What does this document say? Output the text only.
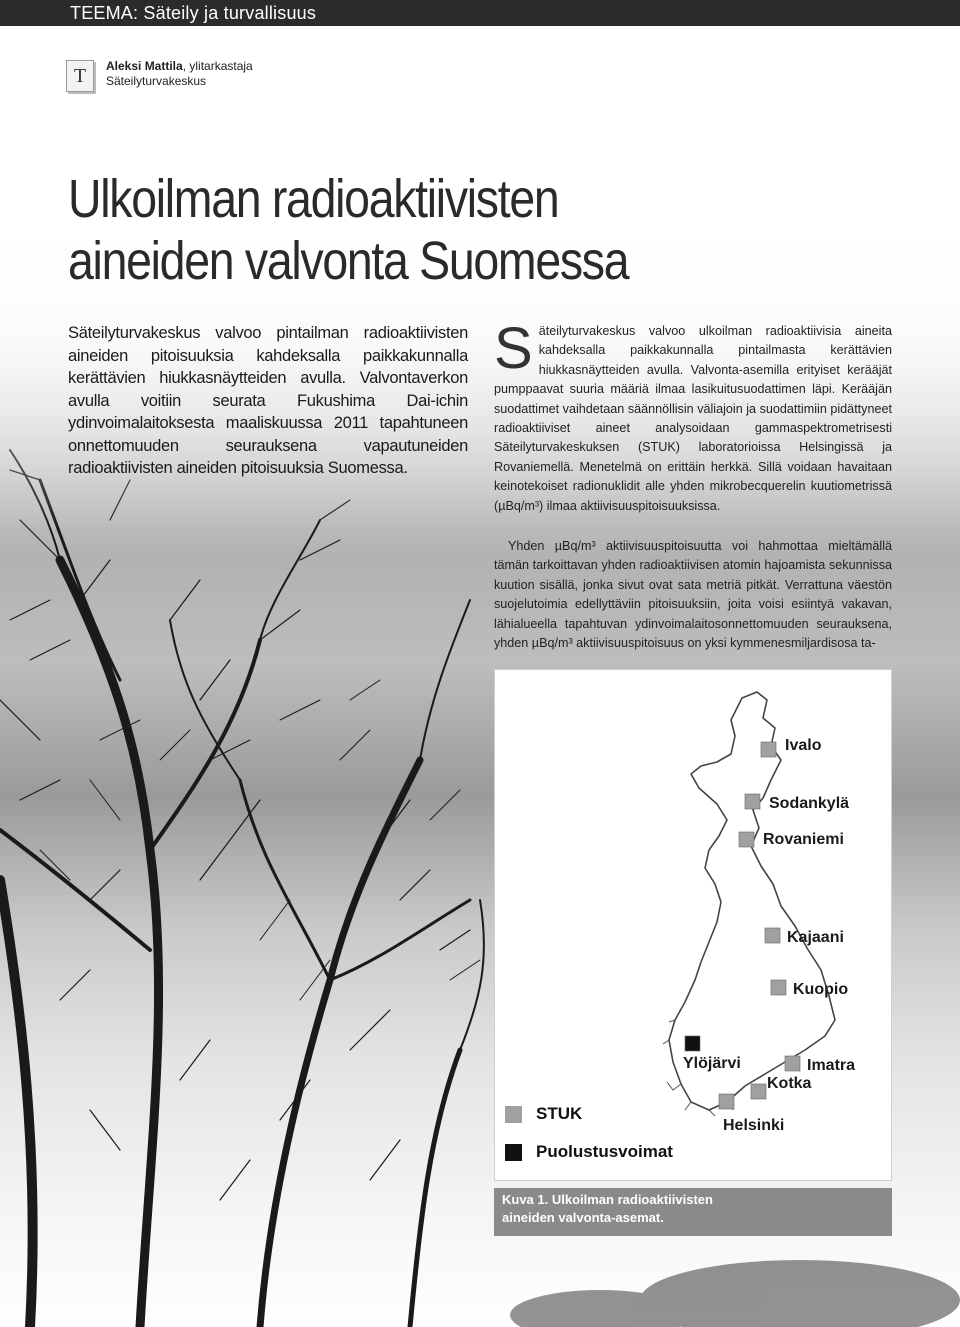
TEEMA: Säteily ja turvallisuus
T	Aleksi Mattila, ylitarkastaja
Säteilyturvakeskus
Ulkoilman radioaktiivisten
aineiden valvonta Suomessa

Säteilyturvakeskus valvoo pintailman radioaktiivisten aineiden pitoisuuksia kahdeksalla paikkakunnalla kerättävien hiukkasnäytteiden avulla. Valvontaverkon avulla voitiin seurata Fukushima Dai-ichin ydinvoimalaitoksesta maaliskuussa 2011 tapahtuneen onnettomuuden seurauksena vapautuneiden radioaktiivisten aineiden pitoisuuksia Suomessa.

Säteilyturvakeskus valvoo ulkoilman radioaktiivisia aineita kahdeksalla paikkakunnalla pintailmasta kerättävien hiukkasnäytteiden avulla. Valvonta-asemilla erityiset kerääjät pumppaavat suuria määriä ilmaa lasikuitusuodattimen läpi. Kerääjän suodattimet vaihdetaan säännöllisin väliajoin ja suodattimiin pidättyneet radioaktiiviset aineet analysoidaan gammaspektrometrisesti Säteilyturvakeskuksen (STUK) laboratorioissa Helsingissä ja Rovaniemellä. Menetelmä on erittäin herkkä. Sillä voidaan havaitaan keinotekoiset radionuklidit alle yhden mikrobecquerelin kuutiometrissä (µBq/m³) ilmaa aktiivisuuspitoisuuksissa.

Yhden µBq/m³ aktiivisuuspitoisuutta voi hahmottaa mieltämällä tämän tarkoittavan yhden radioaktiivisen atomin hajoamista sekunnissa kuution sisällä, jonka sivut ovat sata metriä pitkät. Verrattuna väestön suojelutoimia edellyttäviin pitoisuuksiin, joita voisi esiintyä vakavan, lähialueella tapahtuvan ydinvoimalaitosonnettomuuden seurauksena, yhden µBq/m³ aktiivisuuspitoisuus on yksi kymmenesmiljardisosa ta-

Ivalo
Sodankylä
Rovaniemi
Kajaani
Kuopio
Ylöjärvi	Imatra
Kotka
Helsinki
STUK
Puolustusvoimat
Kuva 1. Ulkoilman radioaktiivisten aineiden valvonta-asemat.
